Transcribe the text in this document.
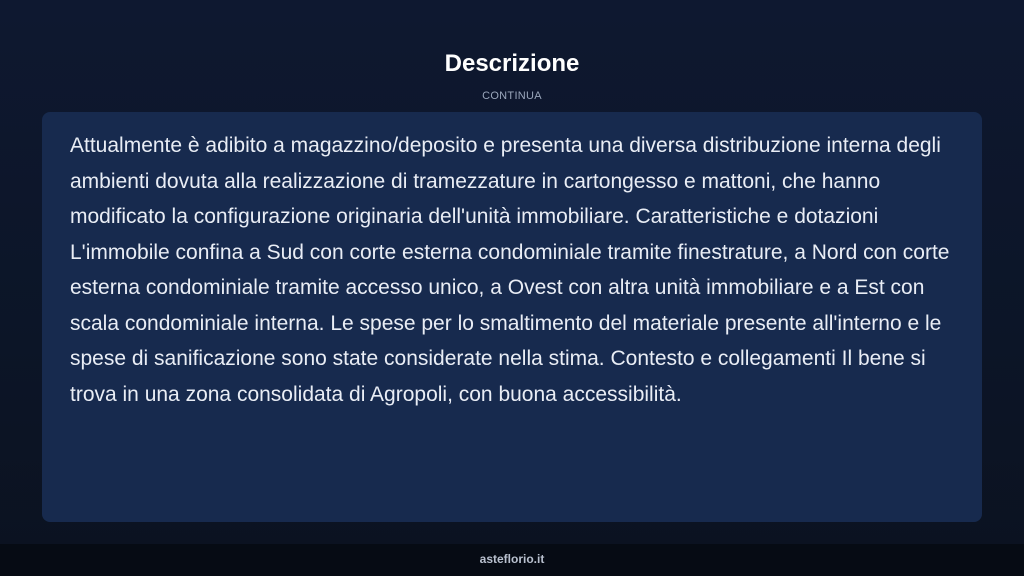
Descrizione
CONTINUA

Attualmente è adibito a magazzino/deposito e presenta una diversa distribuzione interna degli ambienti dovuta alla realizzazione di tramezzature in cartongesso e mattoni, che hanno modificato la configurazione originaria dell'unità immobiliare. Caratteristiche e dotazioni L'immobile confina a Sud con corte esterna condominiale tramite finestrature, a Nord con corte esterna condominiale tramite accesso unico, a Ovest con altra unità immobiliare e a Est con scala condominiale interna. Le spese per lo smaltimento del materiale presente all'interno e le spese di sanificazione sono state considerate nella stima. Contesto e collegamenti Il bene si trova in una zona consolidata di Agropoli, con buona accessibilità.

asteflorio.it
